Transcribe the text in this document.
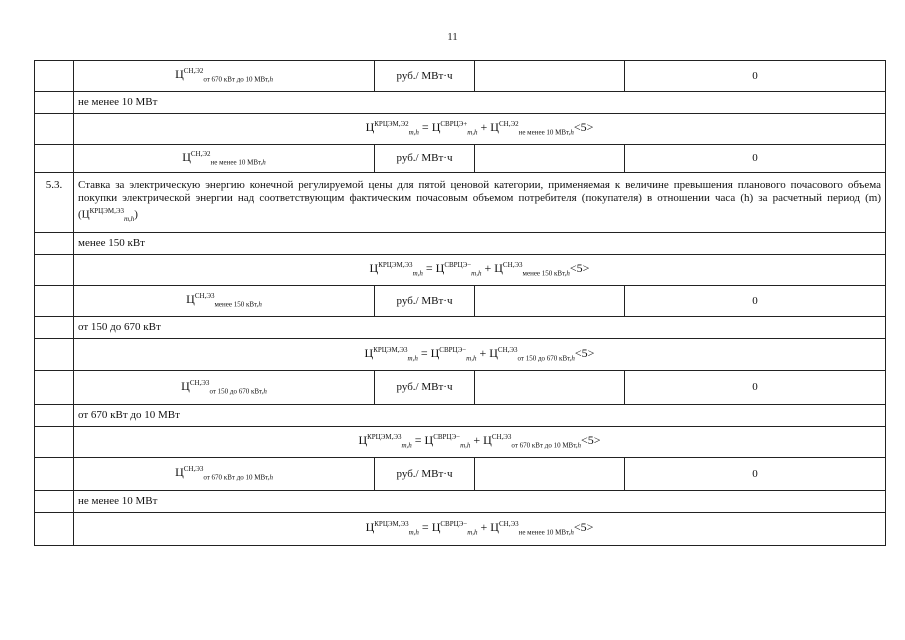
11
	$Ц^{СН,Э2}_{от 670 кВт до 10 МВт,h}$	руб./ МВт·ч		0
	не менее 10 МВт			
	$Ц^{КРЦЭМ,Э2}_{m,h} = Ц^{СВРЦЭ+}_{m,h} + Ц^{СН,Э2}_{не менее 10 МВт,h}<5>$			
	$Ц^{СН,Э2}_{не менее 10 МВт,h}$	руб./ МВт·ч		0
5.3.	Ставка за электрическую энергию конечной регулируемой цены для пятой ценовой категории, применяемая к величине превышения планового почасового объема покупки электрической энергии над соответствующим фактическим почасовым объемом потребителя (покупателя) в отношении часа (h) за расчетный период (m) $(Ц^{КРЦЭМ,Э3}_{m,h})$			
	менее 150 кВт			
	$Ц^{КРЦЭМ,Э3}_{m,h} = Ц^{СВРЦЭ-}_{m,h} + Ц^{СН,Э3}_{менее 150 кВт,h}<5>$			
	$Ц^{СН,Э3}_{менее 150 кВт,h}$	руб./ МВт·ч		0
	от 150 до 670 кВт			
	$Ц^{КРЦЭМ,Э3}_{m,h} = Ц^{СВРЦЭ-}_{m,h} + Ц^{СН,Э3}_{от 150 до 670 кВт,h}<5>$			
	$Ц^{СН,Э3}_{от 150 до 670 кВт,h}$	руб./ МВт·ч		0
	от 670 кВт до 10 МВт			
	$Ц^{КРЦЭМ,Э3}_{m,h} = Ц^{СВРЦЭ-}_{m,h} + Ц^{СН,Э3}_{от 670 кВт до 10 МВт,h}<5>$			
	$Ц^{СН,Э3}_{от 670 кВт до 10 МВт,h}$	руб./ МВт·ч		0
	не менее 10 МВт			
	$Ц^{КРЦЭМ,Э3}_{m,h} = Ц^{СВРЦЭ-}_{m,h} + Ц^{СН,Э3}_{не менее 10 МВт,h}<5>$			
